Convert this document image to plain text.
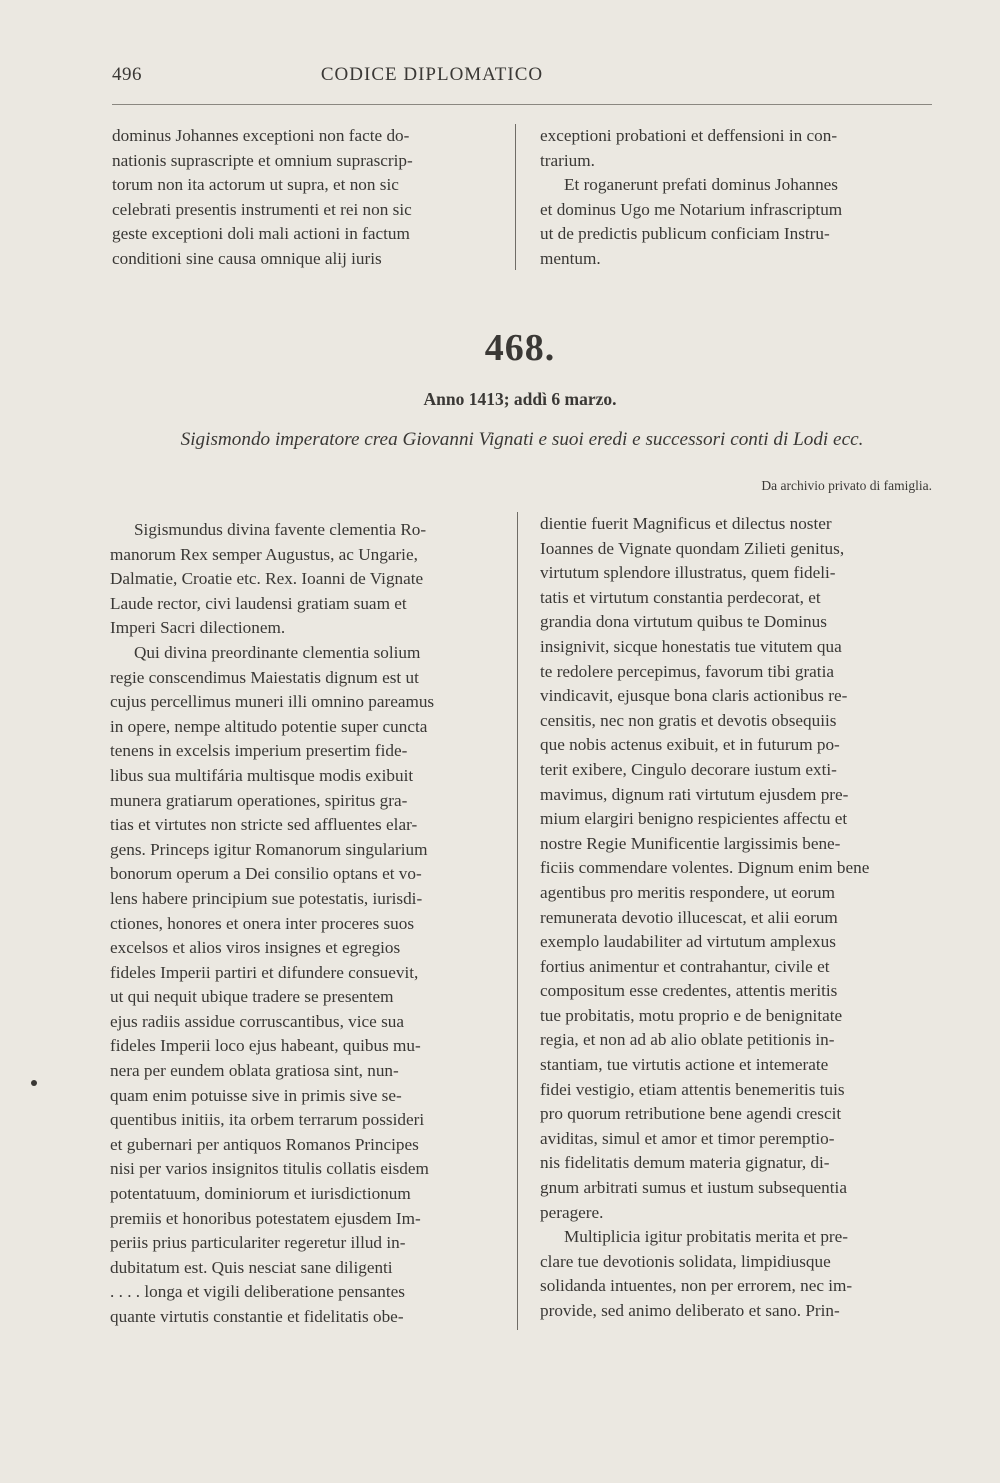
496	CODICE DIPLOMATICO

dominus Johannes exceptioni non facte do-

nationis suprascripte et omnium suprascrip-

torum non ita actorum ut supra, et non sic

celebrati presentis instrumenti et rei non sic

geste exceptioni doli mali actioni in factum

conditioni sine causa omnique alij iuris

exceptioni probationi et deffensioni in con-

trarium.

Et roganerunt prefati dominus Johannes

et dominus Ugo me Notarium infrascriptum

ut de predictis publicum conficiam Instru-

mentum.

468.
Anno 1413; addì 6 marzo.
Sigismondo imperatore crea Giovanni Vignati e suoi eredi e successori conti di Lodi ecc.
Da archivio privato di famiglia.

Sigismundus divina favente clementia Ro-

manorum Rex semper Augustus, ac Ungarie,

Dalmatie, Croatie etc. Rex. Ioanni de Vignate

Laude rector, civi laudensi gratiam suam et

Imperi Sacri dilectionem.

Qui divina preordinante clementia solium

regie conscendimus Maiestatis dignum est ut

cujus percellimus muneri illi omnino pareamus

in opere, nempe altitudo potentie super cuncta

tenens in excelsis imperium presertim fide-

libus sua multifária multisque modis exibuit

munera gratiarum operationes, spiritus gra-

tias et virtutes non stricte sed affluentes elar-

gens. Princeps igitur Romanorum singularium

bonorum operum a Dei consilio optans et vo-

lens habere principium sue potestatis, iurisdi-

ctiones, honores et onera inter proceres suos

excelsos et alios viros insignes et egregios

fideles Imperii partiri et difundere consuevit,

ut qui nequit ubique tradere se presentem

ejus radiis assidue corruscantibus, vice sua

fideles Imperii loco ejus habeant, quibus mu-

nera per eundem oblata gratiosa sint, nun-

quam enim potuisse sive in primis sive se-

quentibus initiis, ita orbem terrarum possideri

et gubernari per antiquos Romanos Principes

nisi per varios insignitos titulis collatis eisdem

potentatuum, dominiorum et iurisdictionum

premiis et honoribus potestatem ejusdem Im-

periis prius particulariter regeretur illud in-

dubitatum est. Quis nesciat sane diligenti

. . . . longa et vigili deliberatione pensantes

quante virtutis constantie et fidelitatis obe-

dientie fuerit Magnificus et dilectus noster

Ioannes de Vignate quondam Zilieti genitus,

virtutum splendore illustratus, quem fideli-

tatis et virtutum constantia perdecorat, et

grandia dona virtutum quibus te Dominus

insignivit, sicque honestatis tue vitutem qua

te redolere percepimus, favorum tibi gratia

vindicavit, ejusque bona claris actionibus re-

censitis, nec non gratis et devotis obsequiis

que nobis actenus exibuit, et in futurum po-

terit exibere, Cingulo decorare iustum exti-

mavimus, dignum rati virtutum ejusdem pre-

mium elargiri benigno respicientes affectu et

nostre Regie Munificentie largissimis bene-

ficiis commendare volentes. Dignum enim bene

agentibus pro meritis respondere, ut eorum

remunerata devotio illucescat, et alii eorum

exemplo laudabiliter ad virtutum amplexus

fortius animentur et contrahantur, civile et

compositum esse credentes, attentis meritis

tue probitatis, motu proprio e de benignitate

regia, et non ad ab alio oblate petitionis in-

stantiam, tue virtutis actione et intemerate

fidei vestigio, etiam attentis benemeritis tuis

pro quorum retributione bene agendi crescit

aviditas, simul et amor et timor peremptio-

nis fidelitatis demum materia gignatur, di-

gnum arbitrati sumus et iustum subsequentia

peragere.

Multiplicia igitur probitatis merita et pre-

clare tue devotionis solidata, limpidiusque

solidanda intuentes, non per errorem, nec im-

provide, sed animo deliberato et sano. Prin-
